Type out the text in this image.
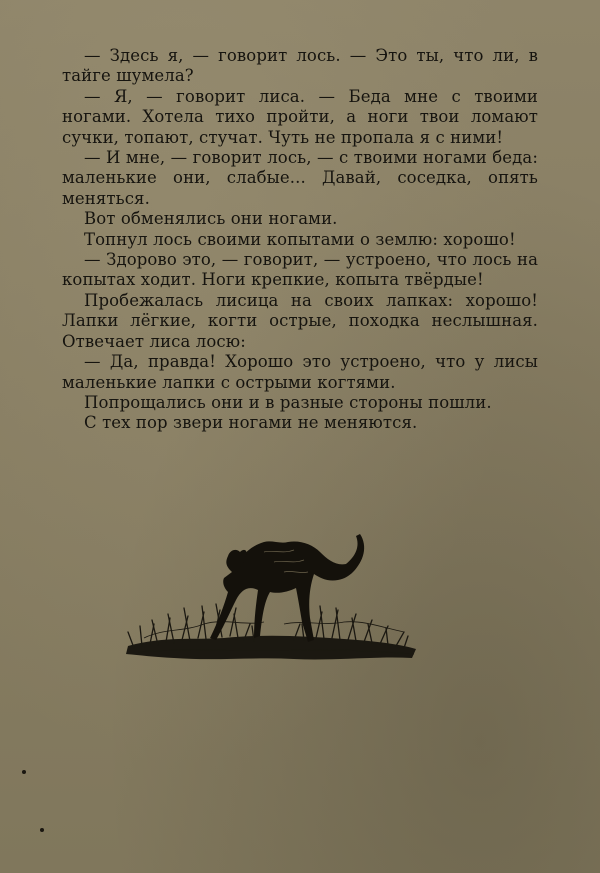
— Здесь я, — говорит лось. — Это ты, что ли, в тайге шумела?

— Я, — говорит лиса. — Беда мне с твоими ногами. Хотела тихо пройти, а ноги твои ломают сучки, топают, стучат. Чуть не пропала я с ними!

— И мне, — говорит лось, — с твоими ногами беда: маленькие они, слабые... Давай, соседка, опять меняться.

Вот обменялись они ногами.

Топнул лось своими копытами о землю: хорошо!

— Здорово это, — говорит, — устроено, что лось на копытах ходит. Ноги крепкие, копыта твёрдые!

Пробежалась лисица на своих лапках: хорошо! Лапки лёгкие, когти острые, походка неслышная. Отвечает лиса лосю:

— Да, правда! Хорошо это устроено, что у лисы маленькие лапки с острыми когтями.

Попрощались они и в разные стороны пошли.

С тех пор звери ногами не меняются.
